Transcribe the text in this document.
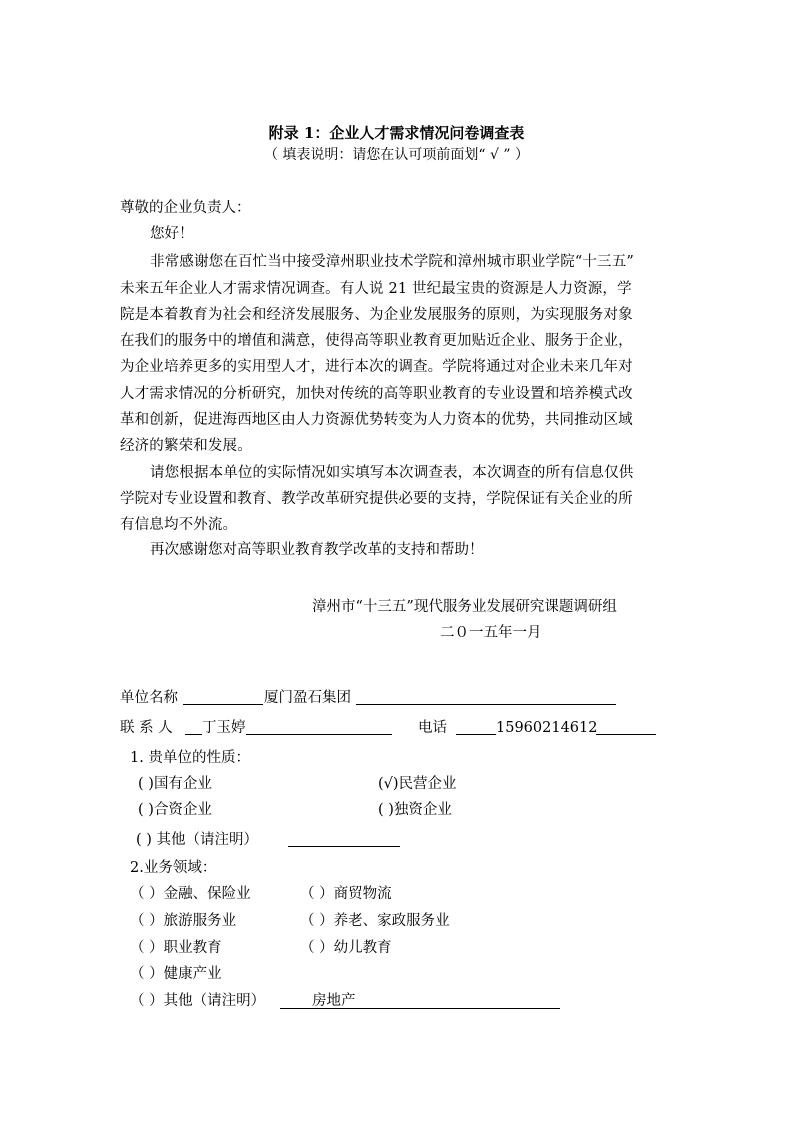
附录 1：企业人才需求情况问卷调查表
（ 填表说明：请您在认可项前面划“ √ ” ）
尊敬的企业负责人：
您好！
非常感谢您在百忙当中接受漳州职业技术学院和漳州城市职业学院“十三五”
未来五年企业人才需求情况调查。有人说 21 世纪最宝贵的资源是人力资源，学
院是本着教育为社会和经济发展服务、为企业发展服务的原则，为实现服务对象
在我们的服务中的增值和满意，使得高等职业教育更加贴近企业、服务于企业，
为企业培养更多的实用型人才，进行本次的调查。学院将通过对企业未来几年对
人才需求情况的分析研究，加快对传统的高等职业教育的专业设置和培养模式改
革和创新，促进海西地区由人力资源优势转变为人力资本的优势，共同推动区域
经济的繁荣和发展。
请您根据本单位的实际情况如实填写本次调查表，本次调查的所有信息仅供
学院对专业设置和教育、教学改革研究提供必要的支持，学院保证有关企业的所
有信息均不外流。
再次感谢您对高等职业教育教学改革的支持和帮助！
漳州市“十三五”现代服务业发展研究课题调研组
二０一五年一月
单位名称	厦门盈石集团
联 系 人 丁玉婷	电话	15960214612
1. 贵单位的性质：
( )国有企业	(√)民营企业
( )合资企业	( )独资企业
( ) 其他（请注明）
2.业务领域：
（ ）金融、保险业	（ ）商贸物流
（ ）旅游服务业	（ ）养老、家政服务业
（ ）职业教育	（ ）幼儿教育
（ ）健康产业
（ ）其他（请注明）	房地产
